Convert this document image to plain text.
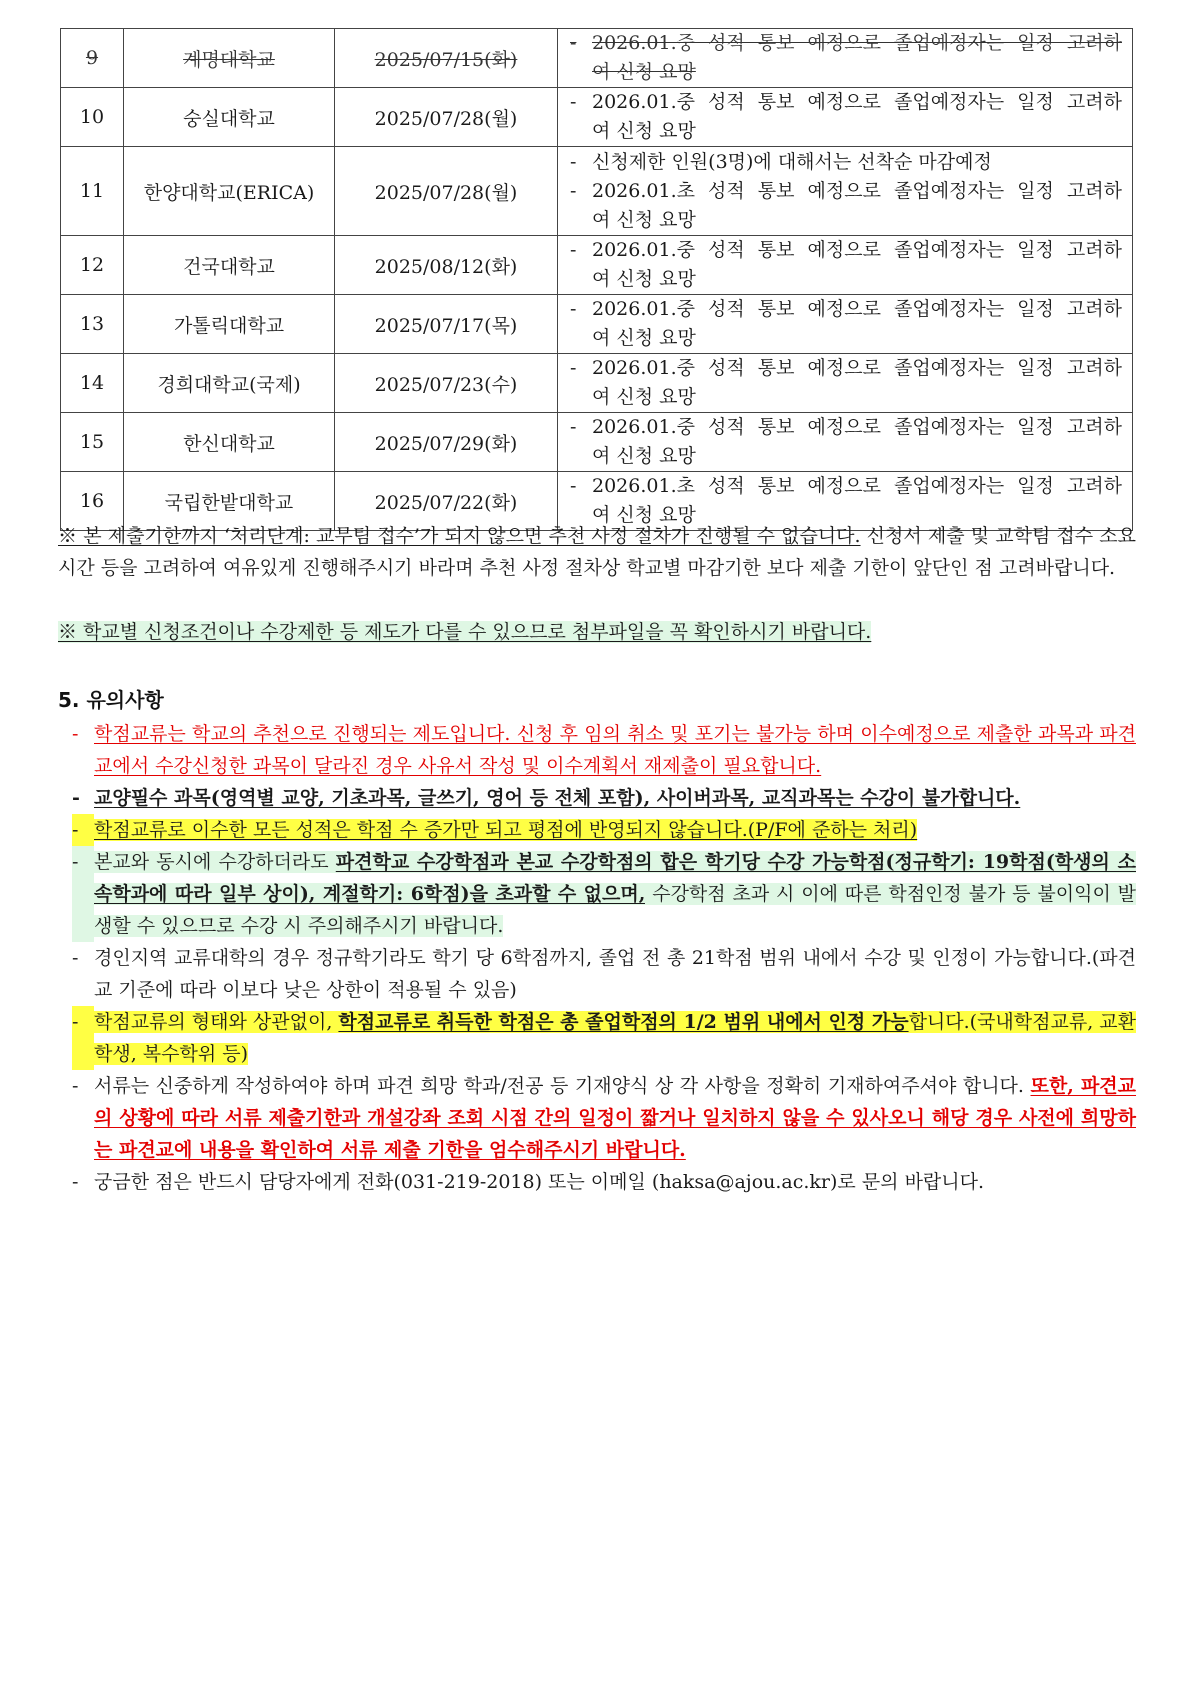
9	계명대학교	2025/07/15(화)	- 2026.01.중 성적 통보 예정으로 졸업예정자는 일정 고려하
여 신청 요망

10	숭실대학교	2025/07/28(월)	- 2026.01.중 성적 통보 예정으로 졸업예정자는 일정 고려하
여 신청 요망

11	한양대학교(ERICA)	2025/07/28(월)	- 신청제한 인원(3명)에 대해서는 선착순 마감예정
- 2026.01.초 성적 통보 예정으로 졸업예정자는 일정 고려하
여 신청 요망

12	건국대학교	2025/08/12(화)	- 2026.01.중 성적 통보 예정으로 졸업예정자는 일정 고려하
여 신청 요망

13	가톨릭대학교	2025/07/17(목)	- 2026.01.중 성적 통보 예정으로 졸업예정자는 일정 고려하
여 신청 요망

14	경희대학교(국제)	2025/07/23(수)	- 2026.01.중 성적 통보 예정으로 졸업예정자는 일정 고려하
여 신청 요망

15	한신대학교	2025/07/29(화)	- 2026.01.중 성적 통보 예정으로 졸업예정자는 일정 고려하
여 신청 요망

16	국립한밭대학교	2025/07/22(화)	- 2026.01.초 성적 통보 예정으로 졸업예정자는 일정 고려하
여 신청 요망
※ 본 제출기한까지 ‘처리단계: 교무팀 접수’가 되지 않으면 추천 사정 절차가 진행될 수 없습니다. 신청서 제출 및 교학팀 접수 소요시간 등을 고려하여 여유있게 진행해주시기 바라며 추천 사정 절차상 학교별 마감기한 보다 제출 기한이 앞단인 점 고려바랍니다.
※ 학교별 신청조건이나 수강제한 등 제도가 다를 수 있으므로 첨부파일을 꼭 확인하시기 바랍니다.
5. 유의사항
- 학점교류는 학교의 추천으로 진행되는 제도입니다. 신청 후 임의 취소 및 포기는 불가능 하며 이수예정으로 제출한 과목과 파견교에서 수강신청한 과목이 달라진 경우 사유서 작성 및 이수계획서 재제출이 필요합니다.
- 교양필수 과목(영역별 교양, 기초과목, 글쓰기, 영어 등 전체 포함), 사이버과목, 교직과목는 수강이 불가합니다.
- 학점교류로 이수한 모든 성적은 학점 수 증가만 되고 평점에 반영되지 않습니다.(P/F에 준하는 처리)
- 본교와 동시에 수강하더라도 파견학교 수강학점과 본교 수강학점의 합은 학기당 수강 가능학점(정규학기: 19학점(학생의 소속학과에 따라 일부 상이), 계절학기: 6학점)을 초과할 수 없으며, 수강학점 초과 시 이에 따른 학점인정 불가 등 불이익이 발생할 수 있으므로 수강 시 주의해주시기 바랍니다.
- 경인지역 교류대학의 경우 정규학기라도 학기 당 6학점까지, 졸업 전 총 21학점 범위 내에서 수강 및 인정이 가능합니다.(파견교 기준에 따라 이보다 낮은 상한이 적용될 수 있음)
- 학점교류의 형태와 상관없이, 학점교류로 취득한 학점은 총 졸업학점의 1/2 범위 내에서 인정 가능합니다.(국내학점교류, 교환학생, 복수학위 등)
- 서류는 신중하게 작성하여야 하며 파견 희망 학과/전공 등 기재양식 상 각 사항을 정확히 기재하여주셔야 합니다. 또한, 파견교의 상황에 따라 서류 제출기한과 개설강좌 조회 시점 간의 일정이 짧거나 일치하지 않을 수 있사오니 해당 경우 사전에 희망하는 파견교에 내용을 확인하여 서류 제출 기한을 엄수해주시기 바랍니다.
- 궁금한 점은 반드시 담당자에게 전화(031-219-2018) 또는 이메일 (haksa@ajou.ac.kr)로 문의 바랍니다.
